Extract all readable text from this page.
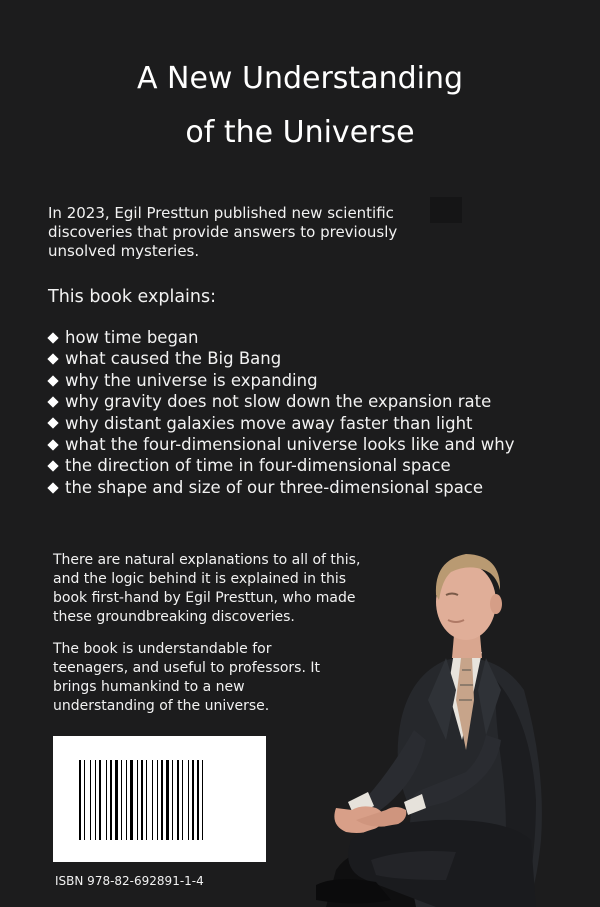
A New Understanding
of the Universe

In 2023, Egil Presttun published new scientific discoveries that provide answers to previously unsolved mysteries.

This book explains:

how time began
what caused the Big Bang
why the universe is expanding
why gravity does not slow down the expansion rate
why distant galaxies move away faster than light
what the four-dimensional universe looks like and why
the direction of time in four-dimensional space
the shape and size of our three-dimensional space

There are natural explanations to all of this, and the logic behind it is explained in this book first-hand by Egil Presttun, who made these groundbreaking discoveries.

The book is understandable for teenagers, and useful to professors. It brings humankind to a new understanding of the universe.

ISBN 978-82-692891-1-4
